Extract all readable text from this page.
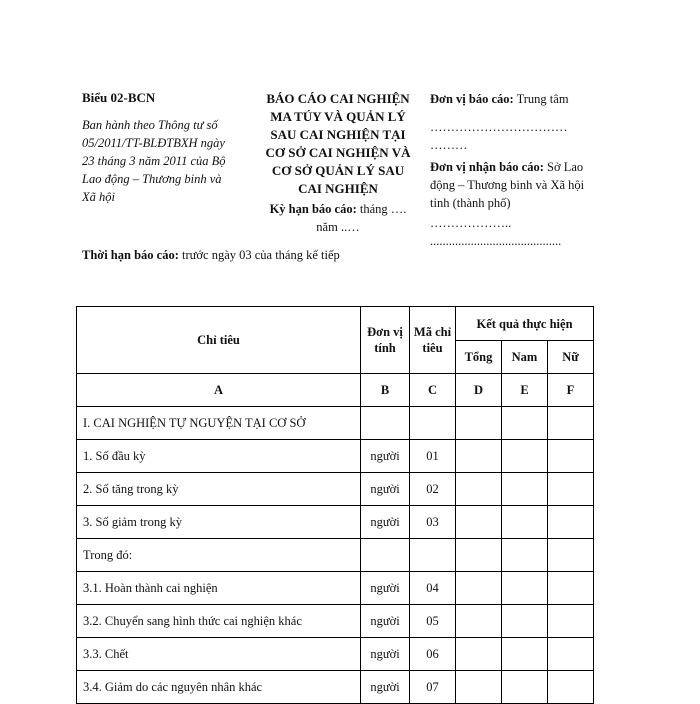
Biểu 02-BCN
Ban hành theo Thông tư số
05/2011/TT-BLĐTBXH ngày
23 tháng 3 năm 2011 của Bộ
Lao động – Thương binh và
Xã hội
BÁO CÁO CAI NGHIỆN
MA TÚY VÀ QUẢN LÝ
SAU CAI NGHIỆN TẠI
CƠ SỞ CAI NGHIỆN VÀ
CƠ SỞ QUẢN LÝ SAU
CAI NGHIỆN
Kỳ hạn báo cáo: tháng ….
năm ..…
Đơn vị báo cáo: Trung tâm
……………………………
………
Đơn vị nhận báo cáo: Sở Lao động – Thương binh và Xã hội tỉnh (thành phố)
………………..
..........................................
Thời hạn báo cáo: trước ngày 03 của tháng kế tiếp
Chỉ tiêu	Đơn vị tính	Mã chỉ tiêu	Kết quả thực hiện		
			Tổng	Nam	Nữ
A	B	C	D	E	F
I. CAI NGHIỆN TỰ NGUYỆN TẠI CƠ SỞ					
1. Số đầu kỳ	người	01			
2. Số tăng trong kỳ	người	02			
3. Số giảm trong kỳ	người	03			
Trong đó:					
3.1. Hoàn thành cai nghiện	người	04			
3.2. Chuyển sang hình thức cai nghiện khác	người	05			
3.3. Chết	người	06			
3.4. Giảm do các nguyên nhân khác	người	07			
